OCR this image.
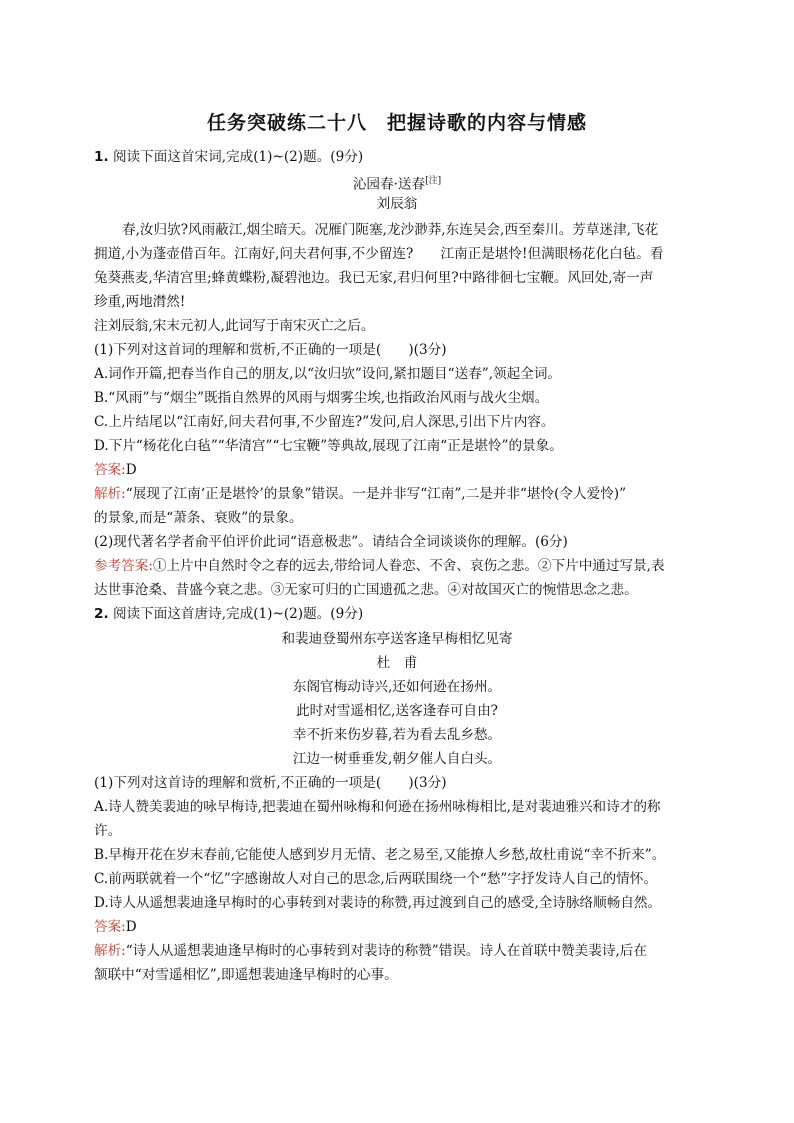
任务突破练二十八　把握诗歌的内容与情感
1. 阅读下面这首宋词,完成(1)~(2)题。(9分)
沁园春·送春[注]
刘辰翁
春,汝归欤?风雨蔽江,烟尘暗天。况雁门阨塞,龙沙渺莽,东连吴会,西至秦川。芳草迷津,飞花
拥道,小为蓬壶借百年。江南好,问夫君何事,不少留连?　　江南正是堪怜!但满眼杨花化白毡。看
兔葵燕麦,华清宫里;蜂黄蝶粉,凝碧池边。我已无家,君归何里?中路徘徊七宝鞭。风回处,寄一声
珍重,两地潸然!
注刘辰翁,宋末元初人,此词写于南宋灭亡之后。
(1)下列对这首词的理解和赏析,不正确的一项是(　　)(3分)
A.词作开篇,把春当作自己的朋友,以“汝归欤”设问,紧扣题目“送春”,领起全词。
B.“风雨”与“烟尘”既指自然界的风雨与烟雾尘埃,也指政治风雨与战火尘烟。
C.上片结尾以“江南好,问夫君何事,不少留连?”发问,启人深思,引出下片内容。
D.下片“杨花化白毡”“华清宫”“七宝鞭”等典故,展现了江南“正是堪怜”的景象。
答案:D
解析:“展现了江南‘正是堪怜’的景象”错误。一是并非写“江南”,二是并非“堪怜(令人爱怜)”
的景象,而是“萧条、衰败”的景象。
(2)现代著名学者俞平伯评价此词“语意极悲”。请结合全词谈谈你的理解。(6分)
参考答案:①上片中自然时令之春的远去,带给词人眷恋、不舍、哀伤之悲。②下片中通过写景,表
达世事沧桑、昔盛今衰之悲。③无家可归的亡国遗孤之悲。④对故国灭亡的惋惜思念之悲。
2. 阅读下面这首唐诗,完成(1)~(2)题。(9分)
和裴迪登蜀州东亭送客逢早梅相忆见寄
杜　甫
东阁官梅动诗兴,还如何逊在扬州。
此时对雪遥相忆,送客逢春可自由?
幸不折来伤岁暮,若为看去乱乡愁。
江边一树垂垂发,朝夕催人自白头。
(1)下列对这首诗的理解和赏析,不正确的一项是(　　)(3分)
A.诗人赞美裴迪的咏早梅诗,把裴迪在蜀州咏梅和何逊在扬州咏梅相比,是对裴迪雅兴和诗才的称
许。
B.早梅开花在岁末春前,它能使人感到岁月无情、老之易至,又能撩人乡愁,故杜甫说“幸不折来”。
C.前两联就着一个“忆”字感谢故人对自己的思念,后两联围绕一个“愁”字抒发诗人自己的情怀。
D.诗人从遥想裴迪逢早梅时的心事转到对裴诗的称赞,再过渡到自己的感受,全诗脉络顺畅自然。
答案:D
解析:“诗人从遥想裴迪逢早梅时的心事转到对裴诗的称赞”错误。诗人在首联中赞美裴诗,后在
颔联中“对雪遥相忆”,即遥想裴迪逢早梅时的心事。
